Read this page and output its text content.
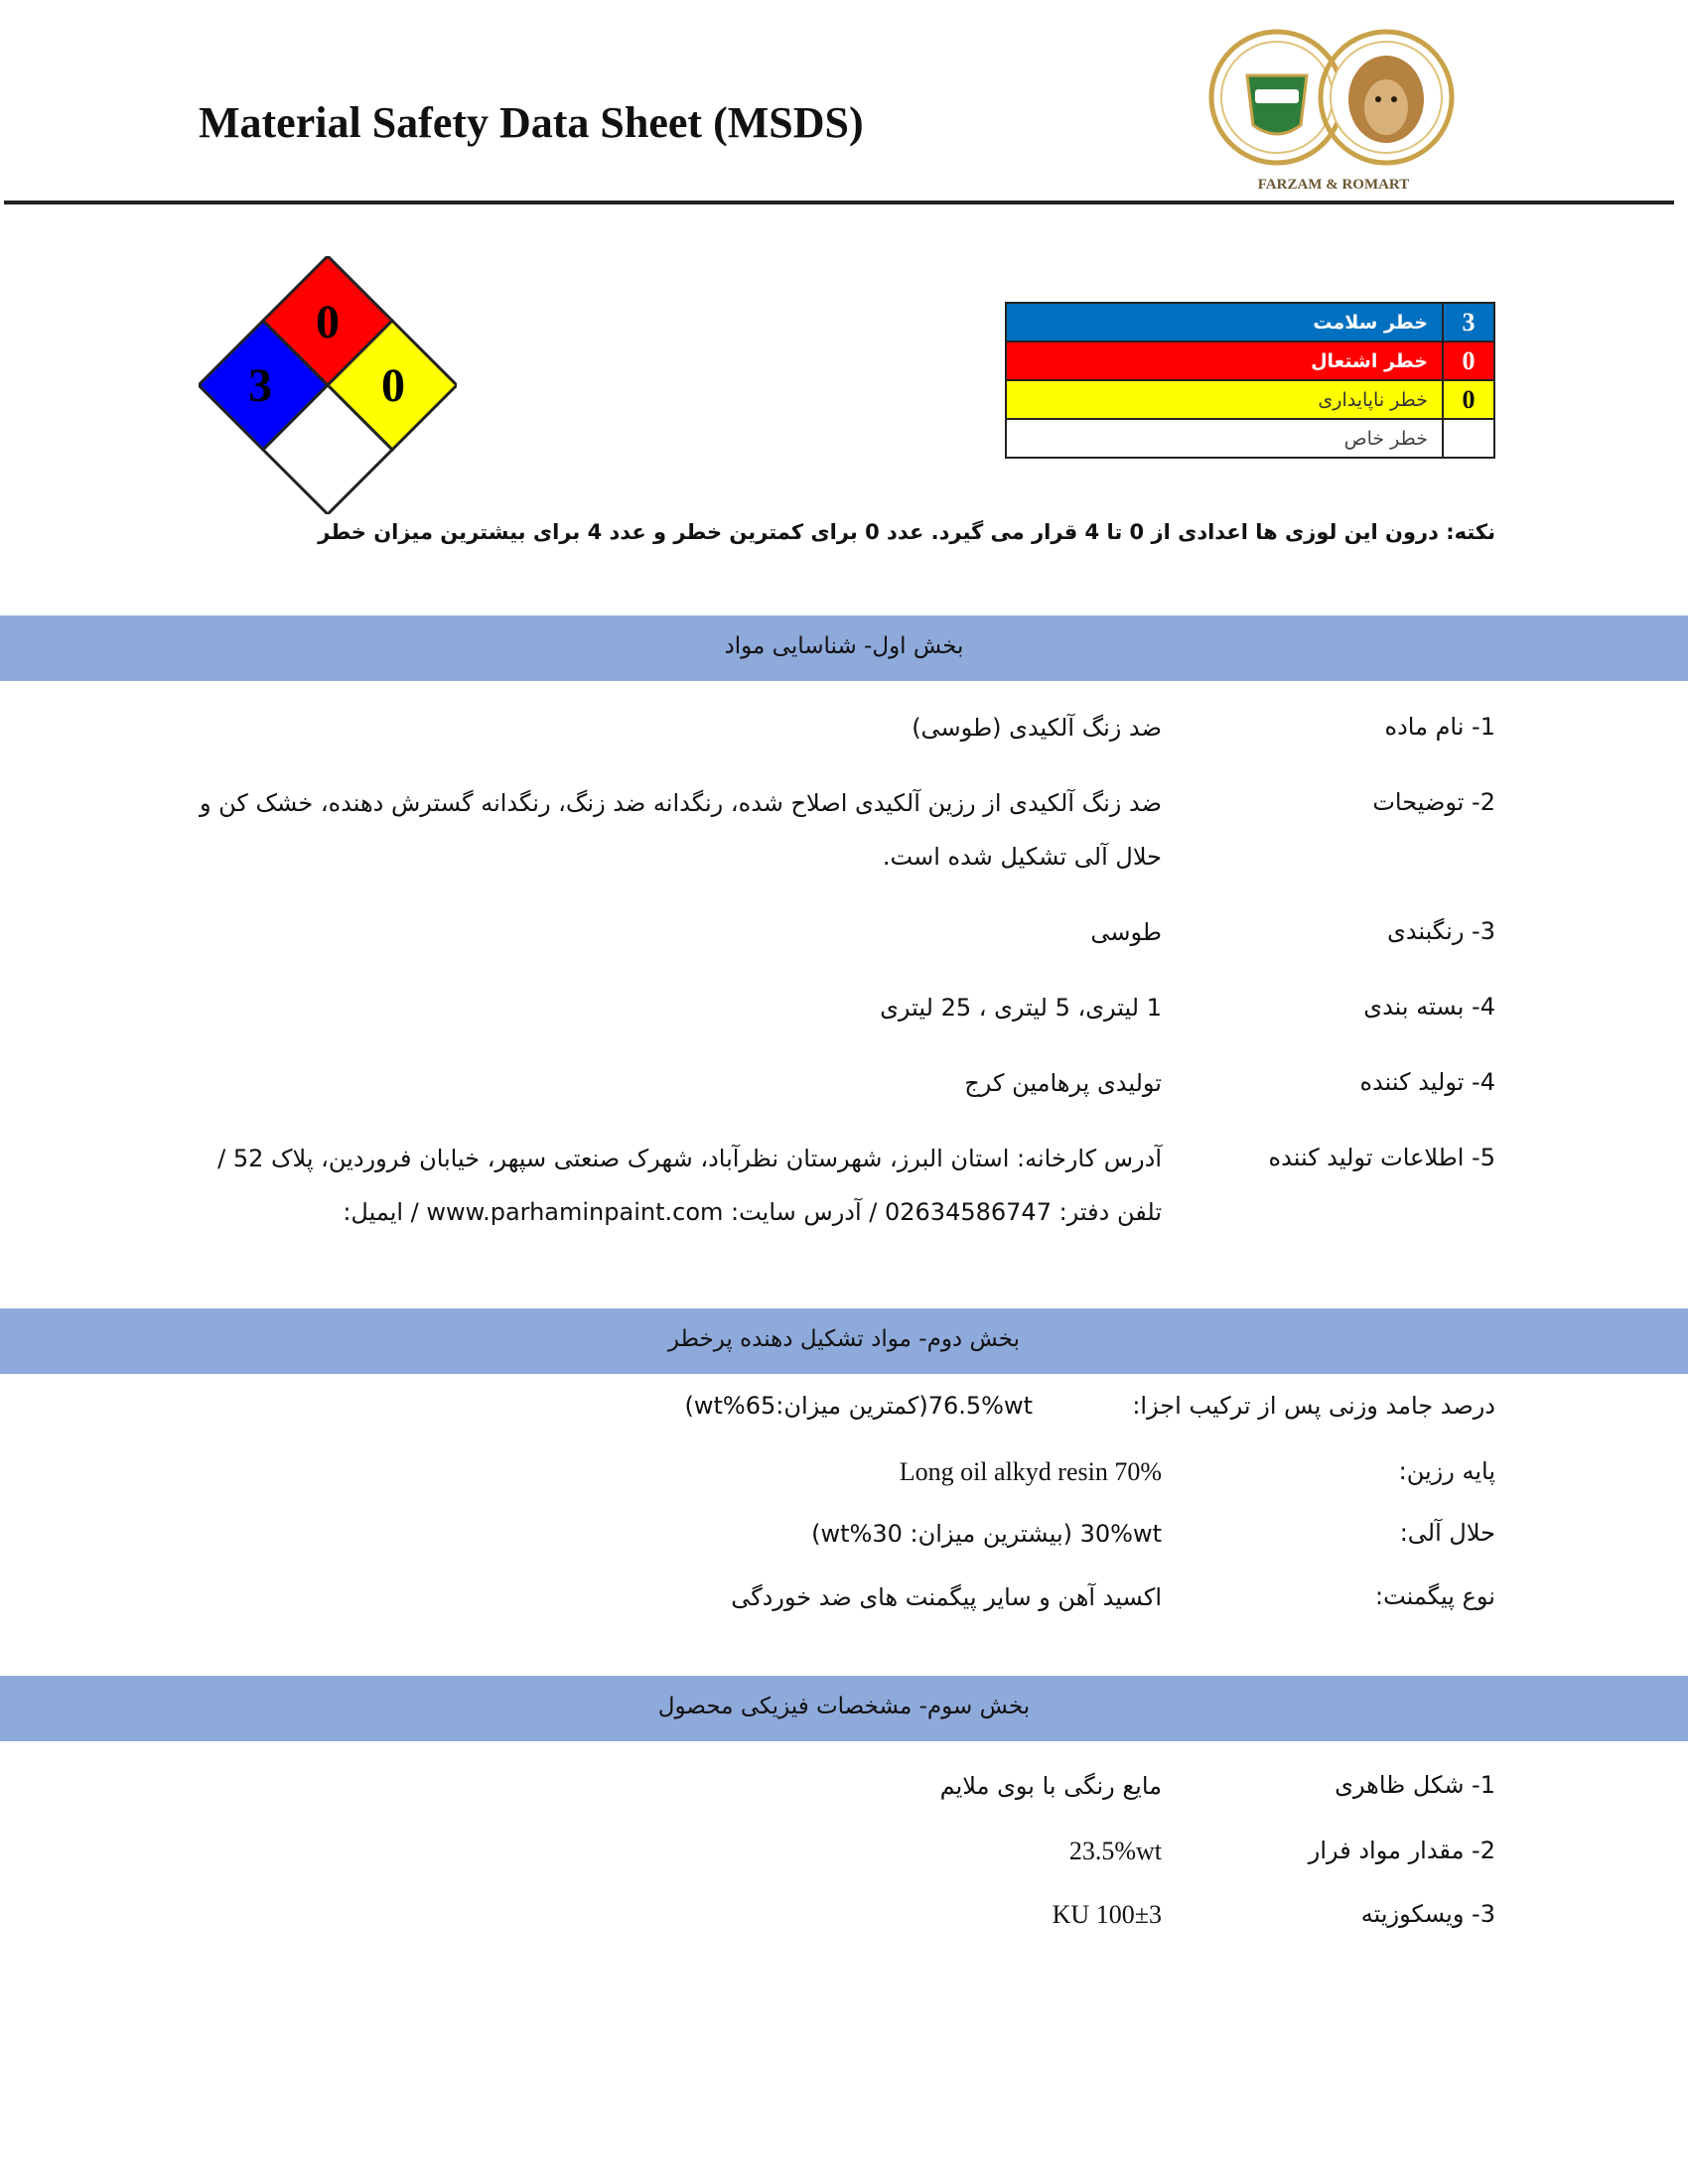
Material Safety Data Sheet (MSDS)
FARZAM & ROMART
0
3 0
خطر سلامت	3
خطر اشتعال	0
خطر ناپایداری	0
خطر خاص	
نکته: درون این لوزی ها اعدادی از 0 تا 4 قرار می گیرد. عدد 0 برای کمترین خطر و عدد 4 برای بیشترین میزان خطر
بخش اول- شناسایی مواد
1- نام ماده
ضد زنگ آلکیدی (طوسی)
2- توضیحات
ضد زنگ آلکیدی از رزین آلکیدی اصلاح شده، رنگدانه ضد زنگ، رنگدانه گسترش دهنده، خشک کن و حلال آلی تشکیل شده است.
3- رنگبندی
طوسی
4- بسته بندی
1 لیتری، 5 لیتری ، 25 لیتری
4- تولید کننده
تولیدی پرهامین کرج
5- اطلاعات تولید کننده
آدرس کارخانه: استان البرز، شهرستان نظرآباد، شهرک صنعتی سپهر، خیابان فروردین، پلاک 52 / تلفن دفتر: 02634586747 / آدرس سایت: www.parhaminpaint.com / ایمیل:
بخش دوم- مواد تشکیل دهنده پرخطر
درصد جامد وزنی پس از ترکیب اجزا:
76.5%wt(کمترین میزان:65%wt)
پایه رزین:
Long oil alkyd resin 70%
حلال آلی:
30%wt (بیشترین میزان: 30%wt)
نوع پیگمنت:
اکسید آهن و سایر پیگمنت های ضد خوردگی
بخش سوم- مشخصات فیزیکی محصول
1- شکل ظاهری
مایع رنگی با بوی ملایم
2- مقدار مواد فرار
23.5%wt
3- ویسکوزیته
100±3 KU
